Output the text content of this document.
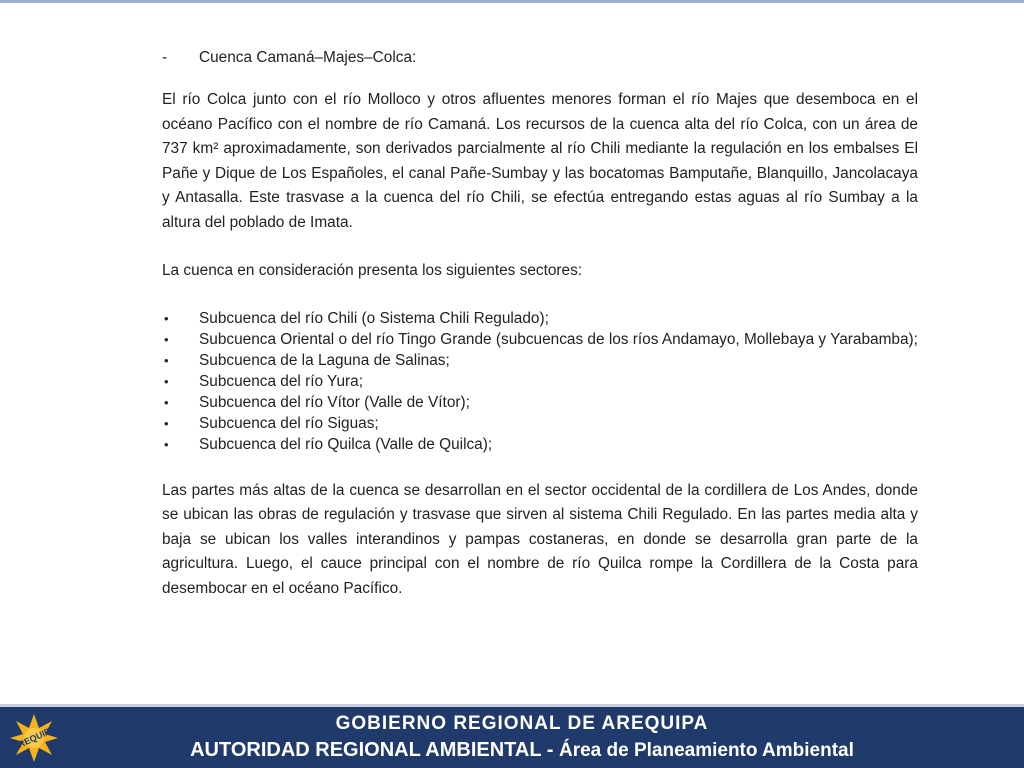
- Cuenca Camaná–Majes–Colca:

El río Colca junto con el río Molloco y otros afluentes menores forman el río Majes que desemboca en el océano Pacífico con el nombre de río Camaná. Los recursos de la cuenca alta del río Colca, con un área de 737 km² aproximadamente, son derivados parcialmente al río Chili mediante la regulación en los embalses El Pañe y Dique de Los Españoles, el canal Pañe-Sumbay y las bocatomas Bamputañe, Blanquillo, Jancolacaya y Antasalla. Este trasvase a la cuenca del río Chili, se efectúa entregando estas aguas al río Sumbay a la altura del poblado de Imata.

La cuenca en consideración presenta los siguientes sectores:

• Subcuenca del río Chili (o Sistema Chili Regulado);
• Subcuenca Oriental o del río Tingo Grande (subcuencas de los ríos Andamayo, Mollebaya y Yarabamba);
• Subcuenca de la Laguna de Salinas;
• Subcuenca del río Yura;
• Subcuenca del río Vítor (Valle de Vítor);
• Subcuenca del río Siguas;
• Subcuenca del río Quilca (Valle de Quilca);

Las partes más altas de la cuenca se desarrollan en el sector occidental de la cordillera de Los Andes, donde se ubican las obras de regulación y trasvase que sirven al sistema Chili Regulado. En las partes media alta y baja se ubican los valles interandinos y pampas costaneras, en donde se desarrolla gran parte de la agricultura. Luego, el cauce principal con el nombre de río Quilca rompe la Cordillera de la Costa para desembocar en el océano Pacífico.

AREQUIPA
GOBIERNO REGIONAL DE AREQUIPA
AUTORIDAD REGIONAL AMBIENTAL - Área de Planeamiento Ambiental
